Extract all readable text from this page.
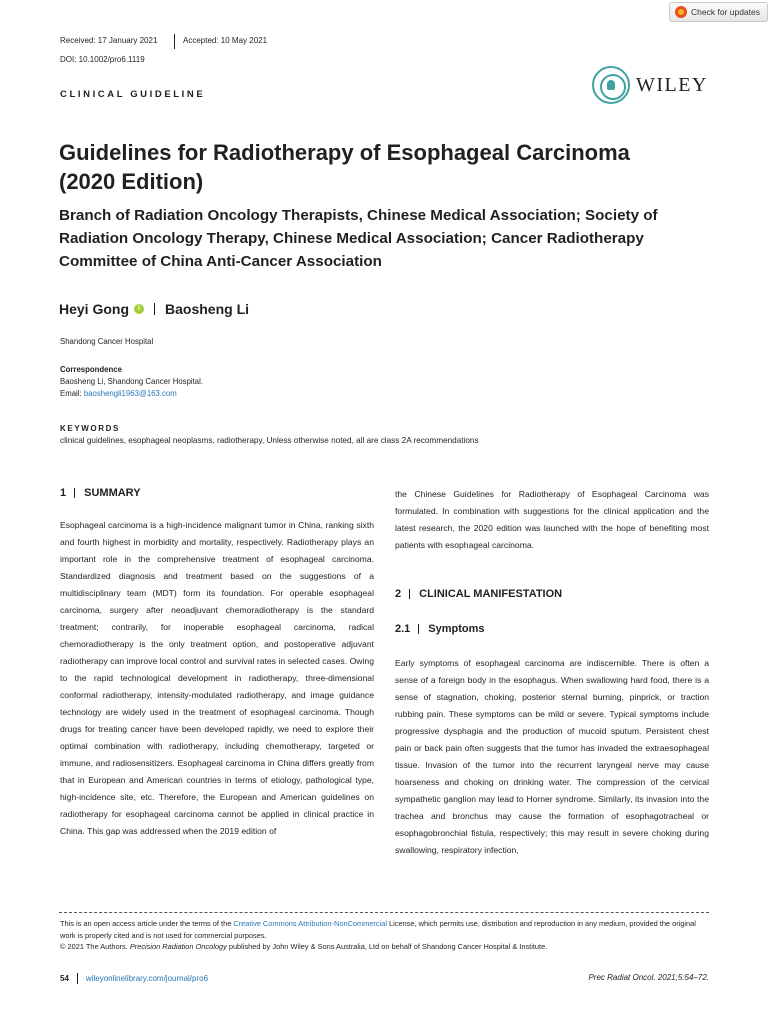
Check for updates
Received: 17 January 2021	Accepted: 10 May 2021
DOI: 10.1002/pro6.1119
CLINICAL GUIDELINE	WILEY
Guidelines for Radiotherapy of Esophageal Carcinoma
(2020 Edition)
Branch of Radiation Oncology Therapists, Chinese Medical Association; Society of Radiation Oncology Therapy, Chinese Medical Association; Cancer Radiotherapy Committee of China Anti-Cancer Association
Heyi Gong	i Baosheng Li
Shandong Cancer Hospital
Correspondence
Baosheng Li, Shandong Cancer Hospital.
Email: baoshengli1963@163.com
KEYWORDS
clinical guidelines, esophageal neoplasms, radiotherapy, Unless otherwise noted, all are class 2A recommendations
1 SUMMARY

Esophageal carcinoma is a high-incidence malignant tumor in China, ranking sixth and fourth highest in morbidity and mortality, respectively. Radiotherapy plays an important role in the comprehensive treatment of esophageal carcinoma. Standardized diagnosis and treatment based on the suggestions of a multidisciplinary team (MDT) form its foundation. For operable esophageal carcinoma, surgery after neoadjuvant chemoradiotherapy is the standard treatment; contrarily, for inoperable esophageal carcinoma, radical chemoradiotherapy is the only treatment option, and postoperative adjuvant radiotherapy can improve local control and survival rates in selected cases. Owing to the rapid technological development in radiotherapy, three-dimensional conformal radiotherapy, intensity-modulated radiotherapy, and image guidance technology are widely used in the treatment of esophageal carcinoma. Though drugs for treating cancer have been developed rapidly, we need to explore their optimal combination with radiotherapy, including chemotherapy, targeted or immune, and radiosensitizers. Esophageal carcinoma in China differs greatly from that in European and American countries in terms of etiology, pathological type, high-incidence site, etc. Therefore, the European and American guidelines on radiotherapy for esophageal carcinoma cannot be applied in clinical practice in China. This gap was addressed when the 2019 edition of

the Chinese Guidelines for Radiotherapy of Esophageal Carcinoma was formulated. In combination with suggestions for the clinical application and the latest research, the 2020 edition was launched with the hope of benefiting most patients with esophageal carcinoma.

2 CLINICAL MANIFESTATION
2.1 Symptoms

Early symptoms of esophageal carcinoma are indiscernible. There is often a sense of a foreign body in the esophagus. When swallowing hard food, there is a sense of stagnation, choking, posterior sternal burning, pinprick, or traction rubbing pain. These symptoms can be mild or severe. Typical symptoms include progressive dysphagia and the production of mucoid sputum. Persistent chest pain or back pain often suggests that the tumor has invaded the extraesophageal tissue. Invasion of the tumor into the recurrent laryngeal nerve may cause hoarseness and choking on drinking water. The compression of the cervical sympathetic ganglion may lead to Horner syndrome. Similarly, its invasion into the trachea and bronchus may cause the formation of esophagotracheal or esophagobronchial fistula, respectively; this may result in severe choking during swallowing, respiratory infection,

This is an open access article under the terms of the Creative Commons Attribution-NonCommercial License, which permits use, distribution and reproduction in any medium, provided the original work is properly cited and is not used for commercial purposes.
© 2021 The Authors. Precision Radiation Oncology published by John Wiley & Sons Australia, Ltd on behalf of Shandong Cancer Hospital & Institute.
54 wileyonlinelibrary.com/journal/pro6	Prec Radiat Oncol. 2021;5:54–72.
